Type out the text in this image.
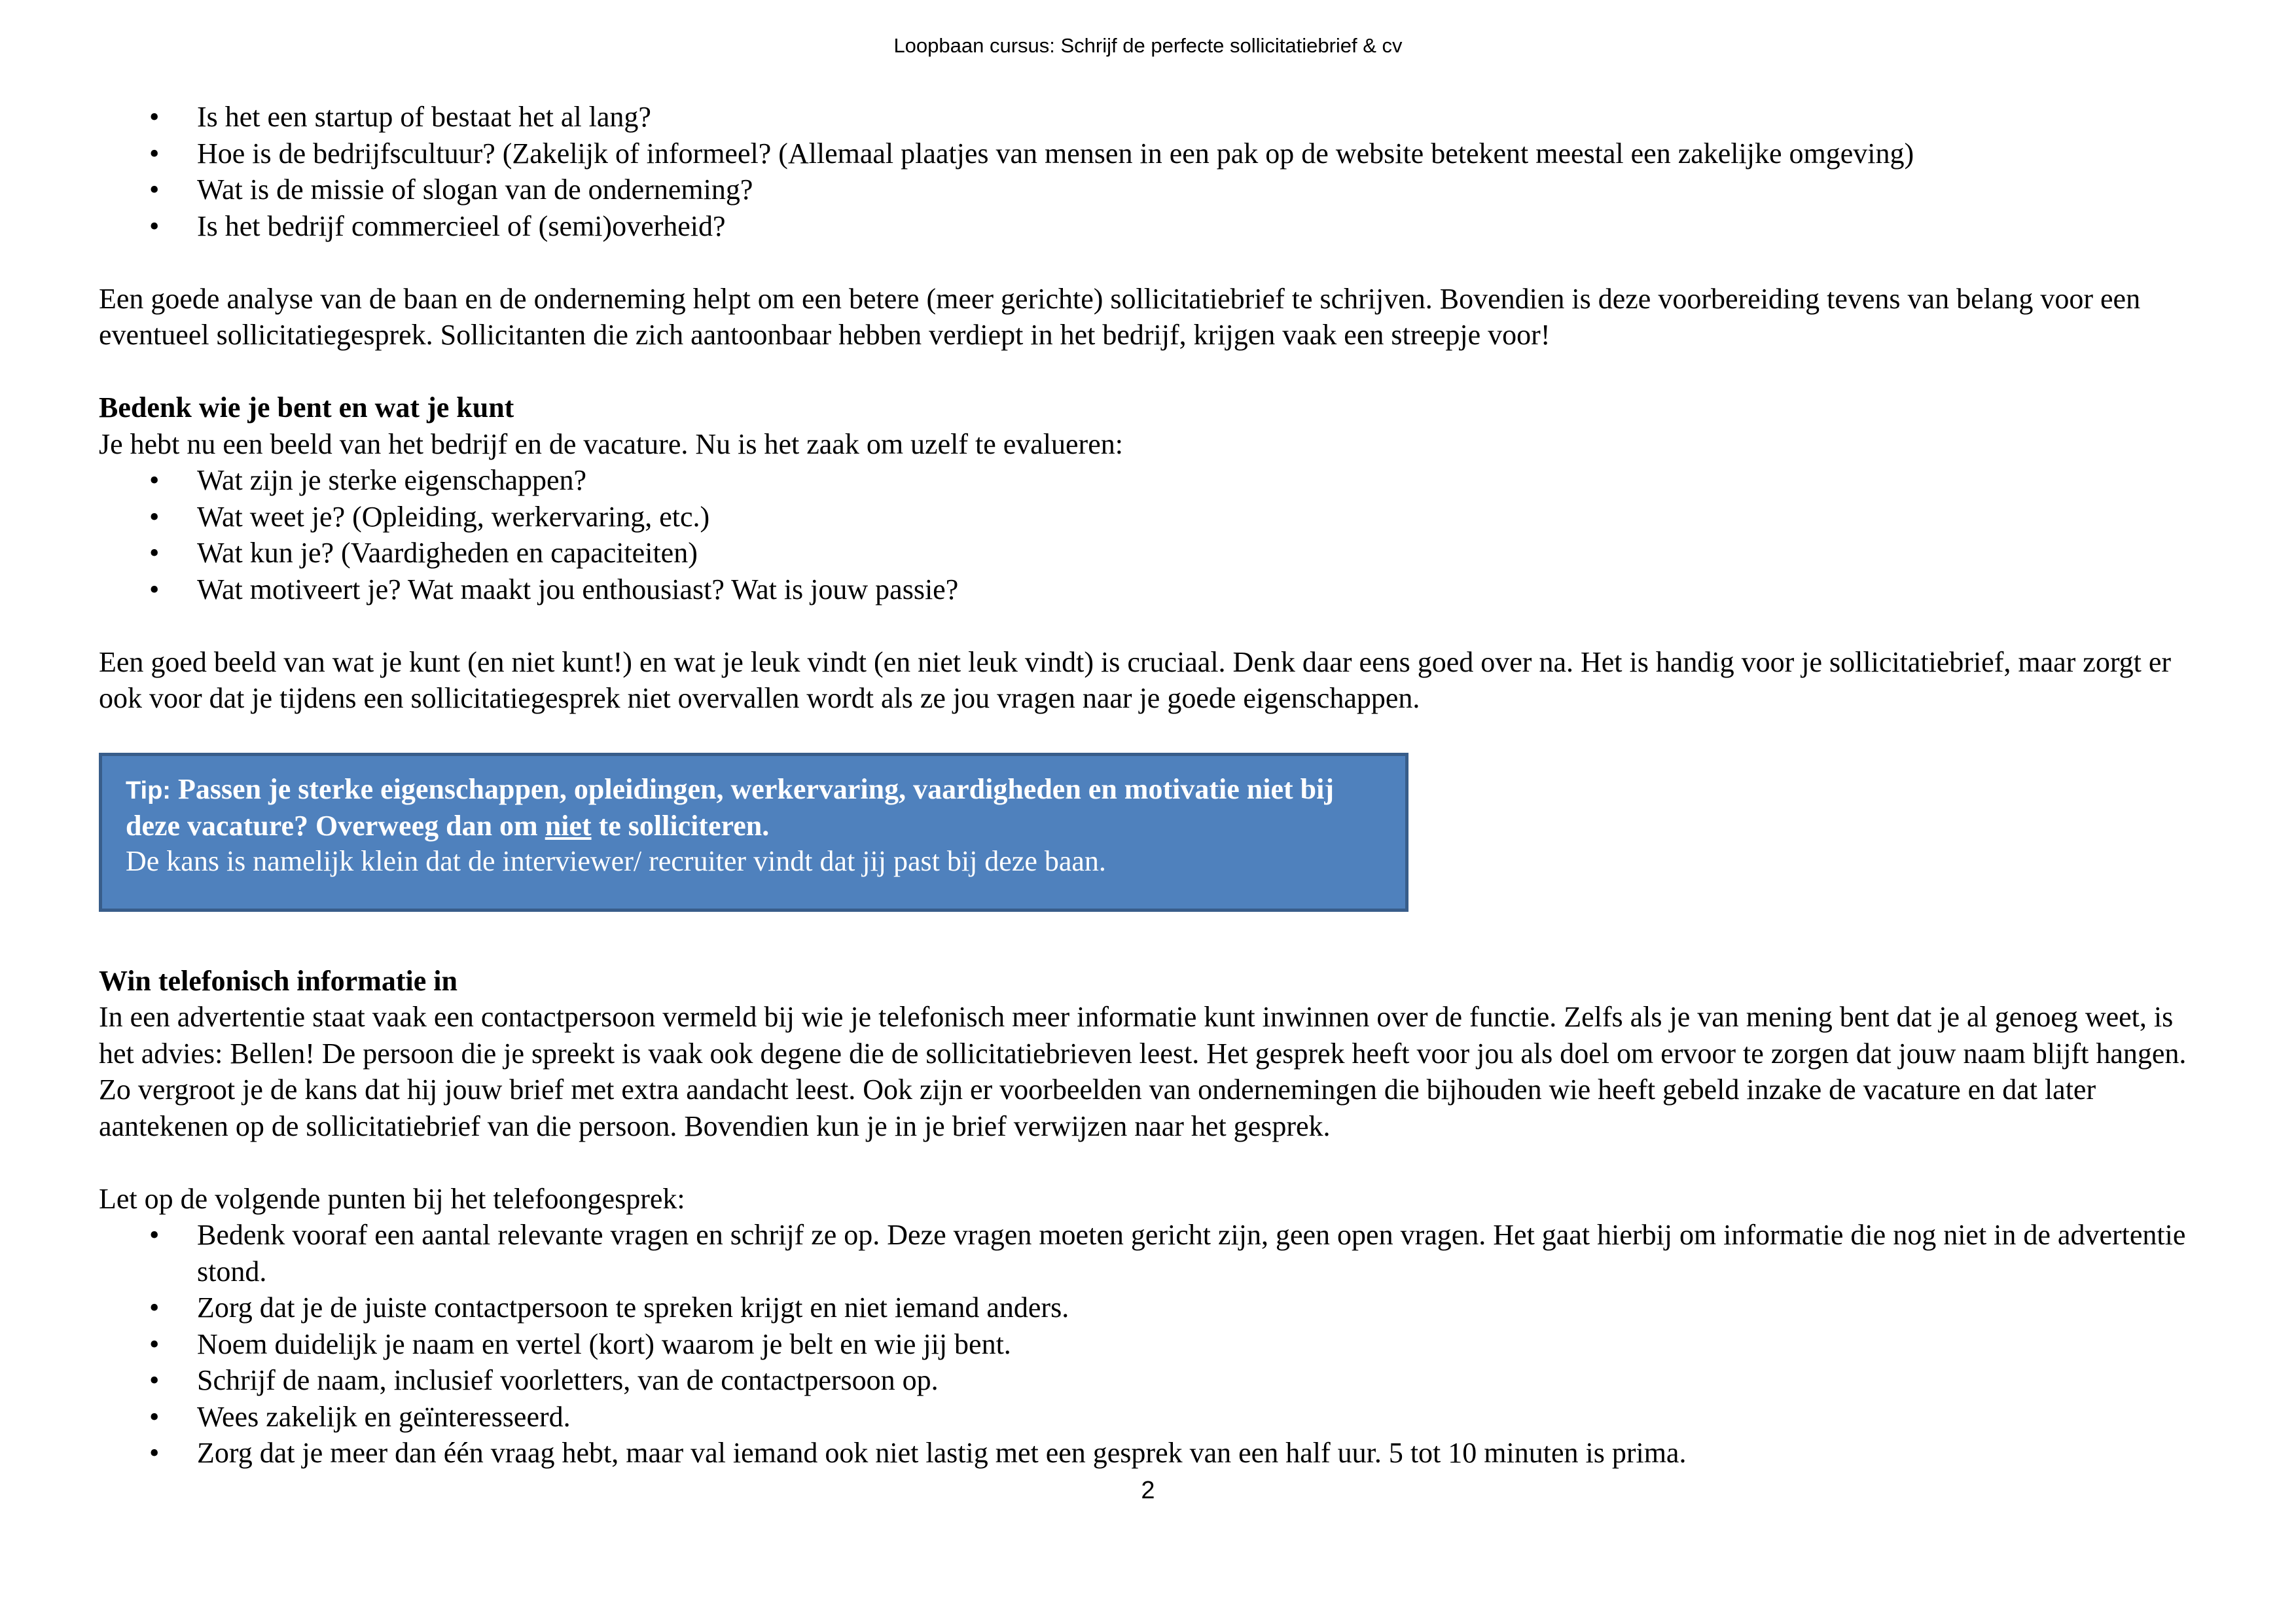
Loopbaan cursus: Schrijf de perfecte sollicitatiebrief & cv
• Is het een startup of bestaat het al lang?
• Hoe is de bedrijfscultuur? (Zakelijk of informeel? (Allemaal plaatjes van mensen in een pak op de website betekent meestal een zakelijke omgeving)
• Wat is de missie of slogan van de onderneming?
• Is het bedrijf commercieel of (semi)overheid?

Een goede analyse van de baan en de onderneming helpt om een betere (meer gerichte) sollicitatiebrief te schrijven. Bovendien is deze voorbereiding tevens van belang voor een eventueel sollicitatiegesprek. Sollicitanten die zich aantoonbaar hebben verdiept in het bedrijf, krijgen vaak een streepje voor!

Bedenk wie je bent en wat je kunt

Je hebt nu een beeld van het bedrijf en de vacature. Nu is het zaak om uzelf te evalueren:

• Wat zijn je sterke eigenschappen?
• Wat weet je? (Opleiding, werkervaring, etc.)
• Wat kun je? (Vaardigheden en capaciteiten)
• Wat motiveert je? Wat maakt jou enthousiast? Wat is jouw passie?

Een goed beeld van wat je kunt (en niet kunt!) en wat je leuk vindt (en niet leuk vindt) is cruciaal. Denk daar eens goed over na. Het is handig voor je sollicitatiebrief, maar zorgt er ook voor dat je tijdens een sollicitatiegesprek niet overvallen wordt als ze jou vragen naar je goede eigenschappen.

Tip: Passen je sterke eigenschappen, opleidingen, werkervaring, vaardigheden en motivatie niet bij deze vacature? Overweeg dan om niet te solliciteren.
De kans is namelijk klein dat de interviewer/ recruiter vindt dat jij past bij deze baan.

Win telefonisch informatie in

In een advertentie staat vaak een contactpersoon vermeld bij wie je telefonisch meer informatie kunt inwinnen over de functie. Zelfs als je van mening bent dat je al genoeg weet, is het advies: Bellen! De persoon die je spreekt is vaak ook degene die de sollicitatiebrieven leest. Het gesprek heeft voor jou als doel om ervoor te zorgen dat jouw naam blijft hangen. Zo vergroot je de kans dat hij jouw brief met extra aandacht leest. Ook zijn er voorbeelden van ondernemingen die bijhouden wie heeft gebeld inzake de vacature en dat later aantekenen op de sollicitatiebrief van die persoon. Bovendien kun je in je brief verwijzen naar het gesprek.

Let op de volgende punten bij het telefoongesprek:

• Bedenk vooraf een aantal relevante vragen en schrijf ze op. Deze vragen moeten gericht zijn, geen open vragen. Het gaat hierbij om informatie die nog niet in de advertentie stond.
• Zorg dat je de juiste contactpersoon te spreken krijgt en niet iemand anders.
• Noem duidelijk je naam en vertel (kort) waarom je belt en wie jij bent.
• Schrijf de naam, inclusief voorletters, van de contactpersoon op.
• Wees zakelijk en geïnteresseerd.
• Zorg dat je meer dan één vraag hebt, maar val iemand ook niet lastig met een gesprek van een half uur. 5 tot 10 minuten is prima.
2
